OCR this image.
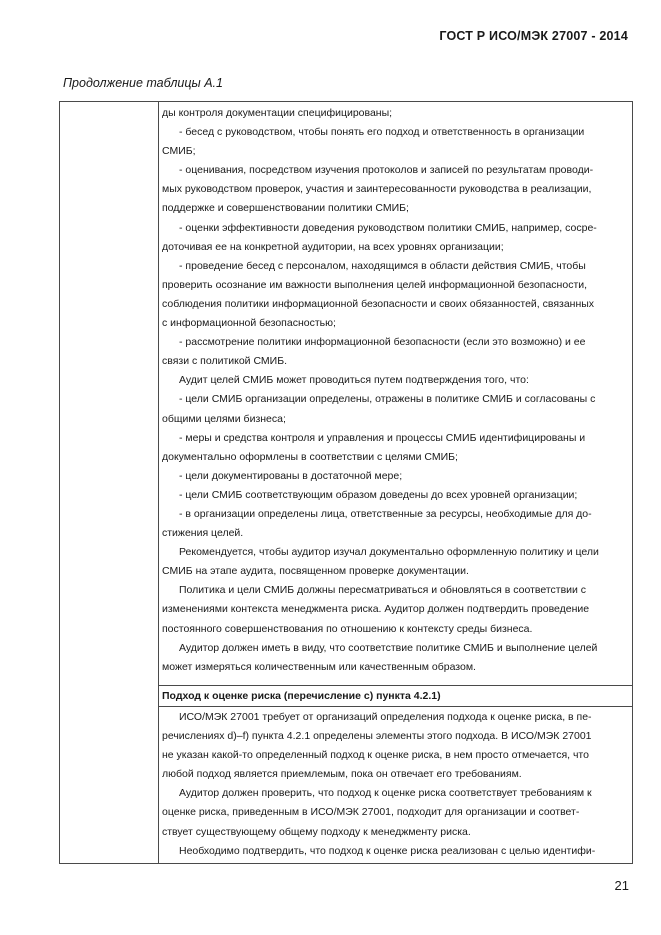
ГОСТ Р ИСО/МЭК 27007 - 2014
Продолжение таблицы А.1

ды контроля документации специфицированы;

- бесед с руководством, чтобы понять его подход и ответственность в организации

СМИБ;

- оценивания, посредством изучения протоколов и записей по результатам проводи-

мых руководством проверок, участия и заинтересованности руководства в реализации,

поддержке и совершенствовании политики СМИБ;

- оценки эффективности доведения руководством политики СМИБ, например, сосре-

доточивая ее на конкретной аудитории, на всех уровнях организации;

- проведение бесед с персоналом, находящимся в области действия СМИБ, чтобы

проверить осознание им важности выполнения целей информационной безопасности,

соблюдения политики информационной безопасности и своих обязанностей, связанных

с информационной безопасностью;

- рассмотрение политики информационной безопасности (если это возможно) и ее

связи с политикой СМИБ.

Аудит целей СМИБ может проводиться путем подтверждения того, что:

- цели СМИБ организации определены, отражены в политике СМИБ и согласованы с

общими целями бизнеса;

- меры и средства контроля и управления и процессы СМИБ идентифицированы и

документально оформлены в соответствии с целями СМИБ;

- цели документированы в достаточной мере;

- цели СМИБ соответствующим образом доведены до всех уровней организации;

- в организации определены лица, ответственные за ресурсы, необходимые для до-

стижения целей.

Рекомендуется, чтобы аудитор изучал документально оформленную политику и цели

СМИБ на этапе аудита, посвященном проверке документации.

Политика и цели СМИБ должны пересматриваться и обновляться в соответствии с

изменениями контекста менеджмента риска. Аудитор должен подтвердить проведение

постоянного совершенствования по отношению к контексту среды бизнеса.

Аудитор должен иметь в виду, что соответствие политике СМИБ и выполнение целей

может измеряться количественным или качественным образом.

Подход к оценке риска (перечисление с) пункта 4.2.1)

ИСО/МЭК 27001 требует от организаций определения подхода к оценке риска, в пе-

речислениях d)–f) пункта 4.2.1 определены элементы этого подхода. В ИСО/МЭК 27001

не указан какой-то определенный подход к оценке риска, в нем просто отмечается, что

любой подход является приемлемым, пока он отвечает его требованиям.

Аудитор должен проверить, что подход к оценке риска соответствует требованиям к

оценке риска, приведенным в ИСО/МЭК 27001, подходит для организации и соответ-

ствует существующему общему подходу к менеджменту риска.

Необходимо подтвердить, что подход к оценке риска реализован с целью идентифи-

21
